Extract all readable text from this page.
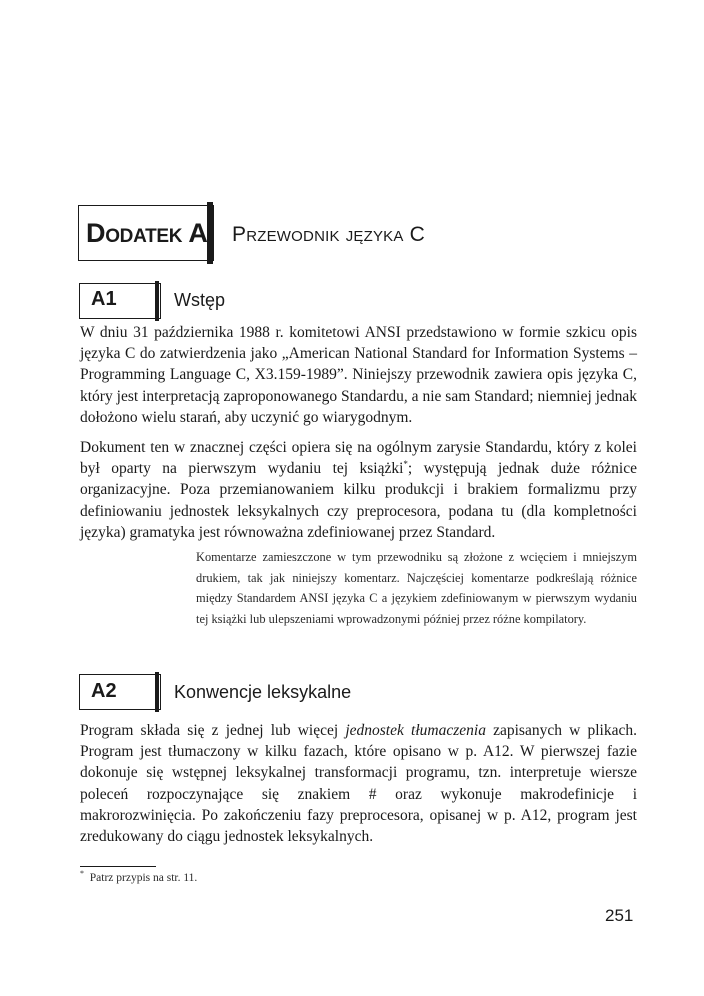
Dodatek A Przewodnik języka C
A1	Wstęp

W dniu 31 października 1988 r. komitetowi ANSI przedstawiono w formie szkicu opis języka C do zatwierdzenia jako „American National Standard for Information Systems – Programming Language C, X3.159-1989”. Niniejszy przewodnik zawiera opis języka C, który jest interpretacją zaproponowanego Standardu, a nie sam Standard; niemniej jednak dołożono wielu starań, aby uczynić go wiarygodnym.

Dokument ten w znacznej części opiera się na ogólnym zarysie Standardu, który z kolei był oparty na pierwszym wydaniu tej książki*; występują jednak duże różnice organizacyjne. Poza przemianowaniem kilku produkcji i brakiem formalizmu przy definiowaniu jednostek leksykalnych czy preprocesora, podana tu (dla kompletności języka) gramatyka jest równoważna zdefiniowanej przez Standard.

Komentarze zamieszczone w tym przewodniku są złożone z wcięciem i mniejszym drukiem, tak jak niniejszy komentarz. Najczęściej komentarze podkreślają różnice między Standardem ANSI języka C a językiem zdefiniowanym w pierwszym wydaniu tej książki lub ulepszeniami wprowadzonymi później przez różne kompilatory.

A2	Konwencje leksykalne

Program składa się z jednej lub więcej jednostek tłumaczenia zapisanych w plikach. Program jest tłumaczony w kilku fazach, które opisano w p. A12. W pierwszej fazie dokonuje się wstępnej leksykalnej transformacji programu, tzn. interpretuje wiersze poleceń rozpoczynające się znakiem # oraz wykonuje makrodefinicje i makrorozwinięcia. Po zakończeniu fazy preprocesora, opisanej w p. A12, program jest zredukowany do ciągu jednostek leksykalnych.

* Patrz przypis na str. 11.
251
